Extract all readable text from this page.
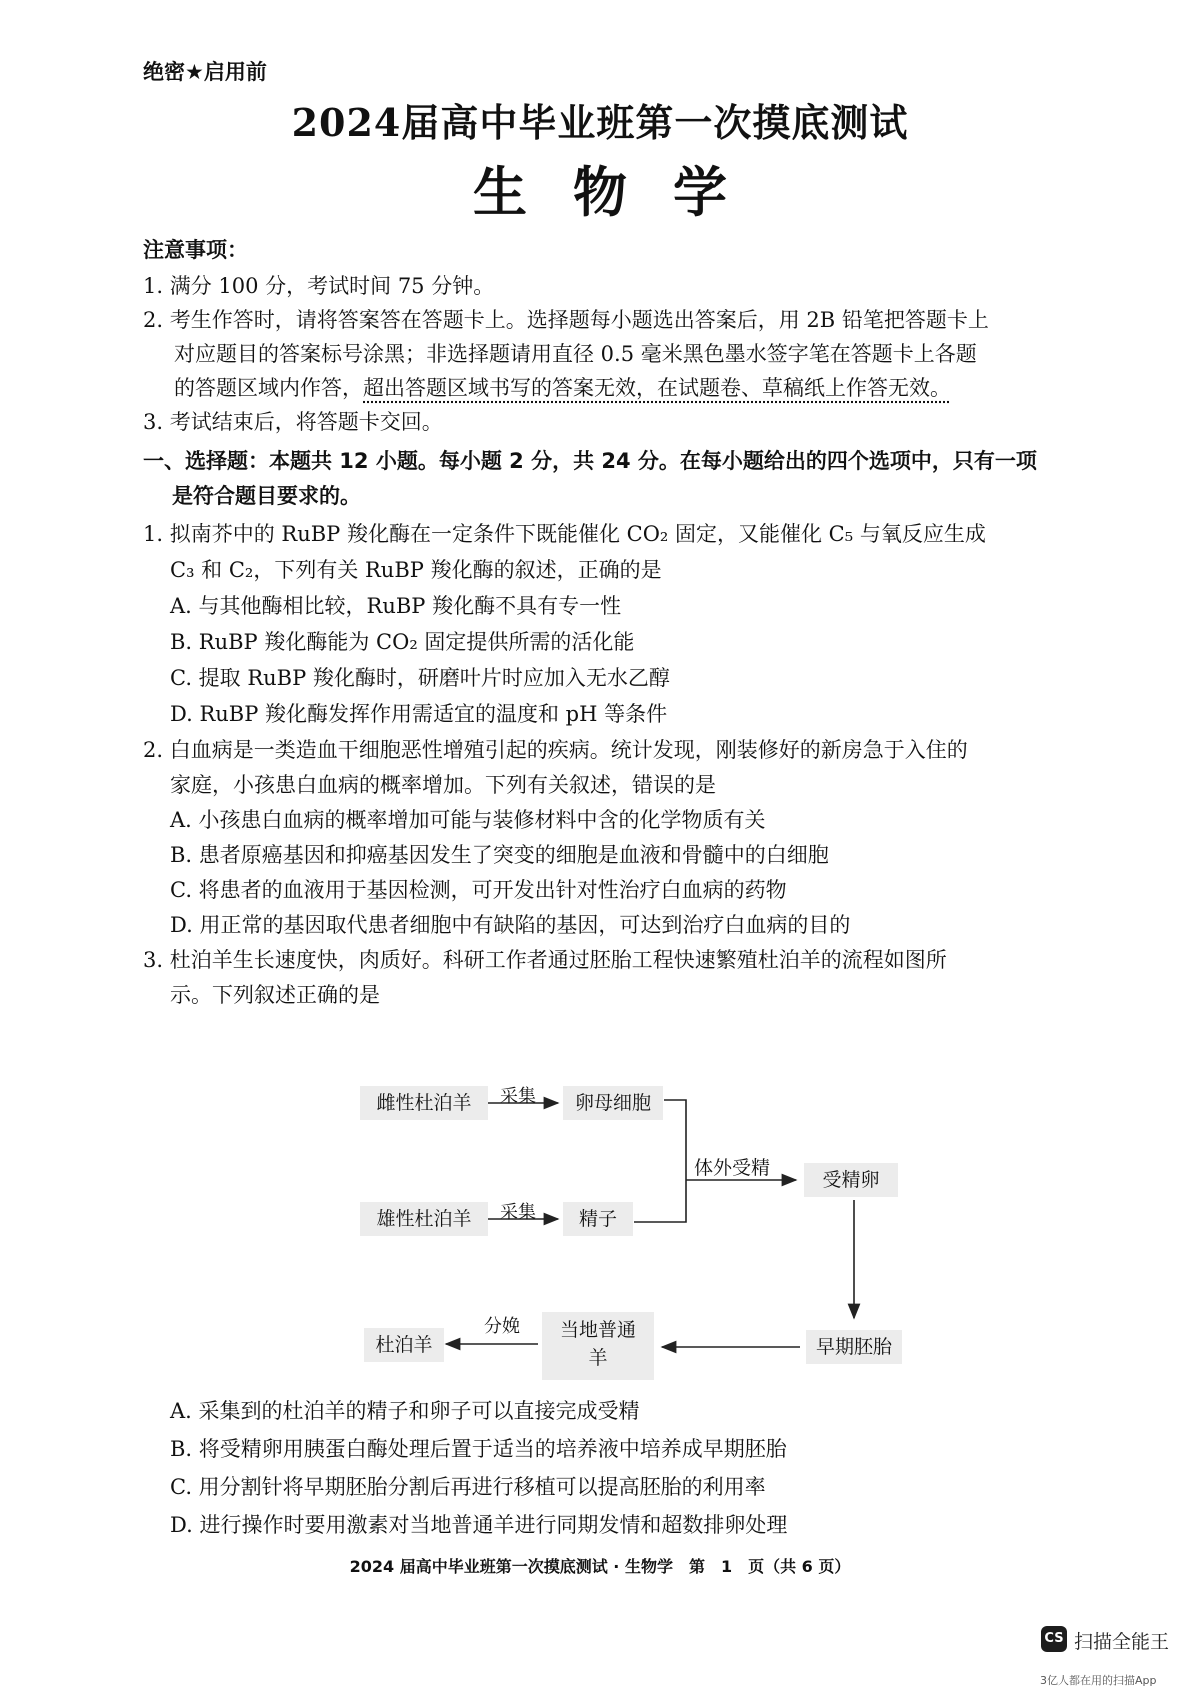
绝密★启用前
2024届高中毕业班第一次摸底测试
生物学
注意事项：
1. 满分 100 分，考试时间 75 分钟。
2. 考生作答时，请将答案答在答题卡上。选择题每小题选出答案后，用 2B 铅笔把答题卡上
对应题目的答案标号涂黑；非选择题请用直径 0.5 毫米黑色墨水签字笔在答题卡上各题
的答题区域内作答，超出答题区域书写的答案无效，在试题卷、草稿纸上作答无效。
3. 考试结束后，将答题卡交回。
一、选择题：本题共 12 小题。每小题 2 分，共 24 分。在每小题给出的四个选项中，只有一项
是符合题目要求的。
1. 拟南芥中的 RuBP 羧化酶在一定条件下既能催化 CO₂ 固定，又能催化 C₅ 与氧反应生成
C₃ 和 C₂，下列有关 RuBP 羧化酶的叙述，正确的是
A. 与其他酶相比较，RuBP 羧化酶不具有专一性
B. RuBP 羧化酶能为 CO₂ 固定提供所需的活化能
C. 提取 RuBP 羧化酶时，研磨叶片时应加入无水乙醇
D. RuBP 羧化酶发挥作用需适宜的温度和 pH 等条件
2. 白血病是一类造血干细胞恶性增殖引起的疾病。统计发现，刚装修好的新房急于入住的
家庭，小孩患白血病的概率增加。下列有关叙述，错误的是
A. 小孩患白血病的概率增加可能与装修材料中含的化学物质有关
B. 患者原癌基因和抑癌基因发生了突变的细胞是血液和骨髓中的白细胞
C. 将患者的血液用于基因检测，可开发出针对性治疗白血病的药物
D. 用正常的基因取代患者细胞中有缺陷的基因，可达到治疗白血病的目的
3. 杜泊羊生长速度快，肉质好。科研工作者通过胚胎工程快速繁殖杜泊羊的流程如图所
示。下列叙述正确的是
雌性杜泊羊	采集	卵母细胞
雄性杜泊羊	采集	精子
体外受精
受精卵
早期胚胎
当地普通
羊
分娩
杜泊羊
A. 采集到的杜泊羊的精子和卵子可以直接完成受精
B. 将受精卵用胰蛋白酶处理后置于适当的培养液中培养成早期胚胎
C. 用分割针将早期胚胎分割后再进行移植可以提高胚胎的利用率
D. 进行操作时要用激素对当地普通羊进行同期发情和超数排卵处理
2024 届高中毕业班第一次摸底测试 · 生物学　第　1　页（共 6 页）
CS 扫描全能王
3亿人都在用的扫描App
